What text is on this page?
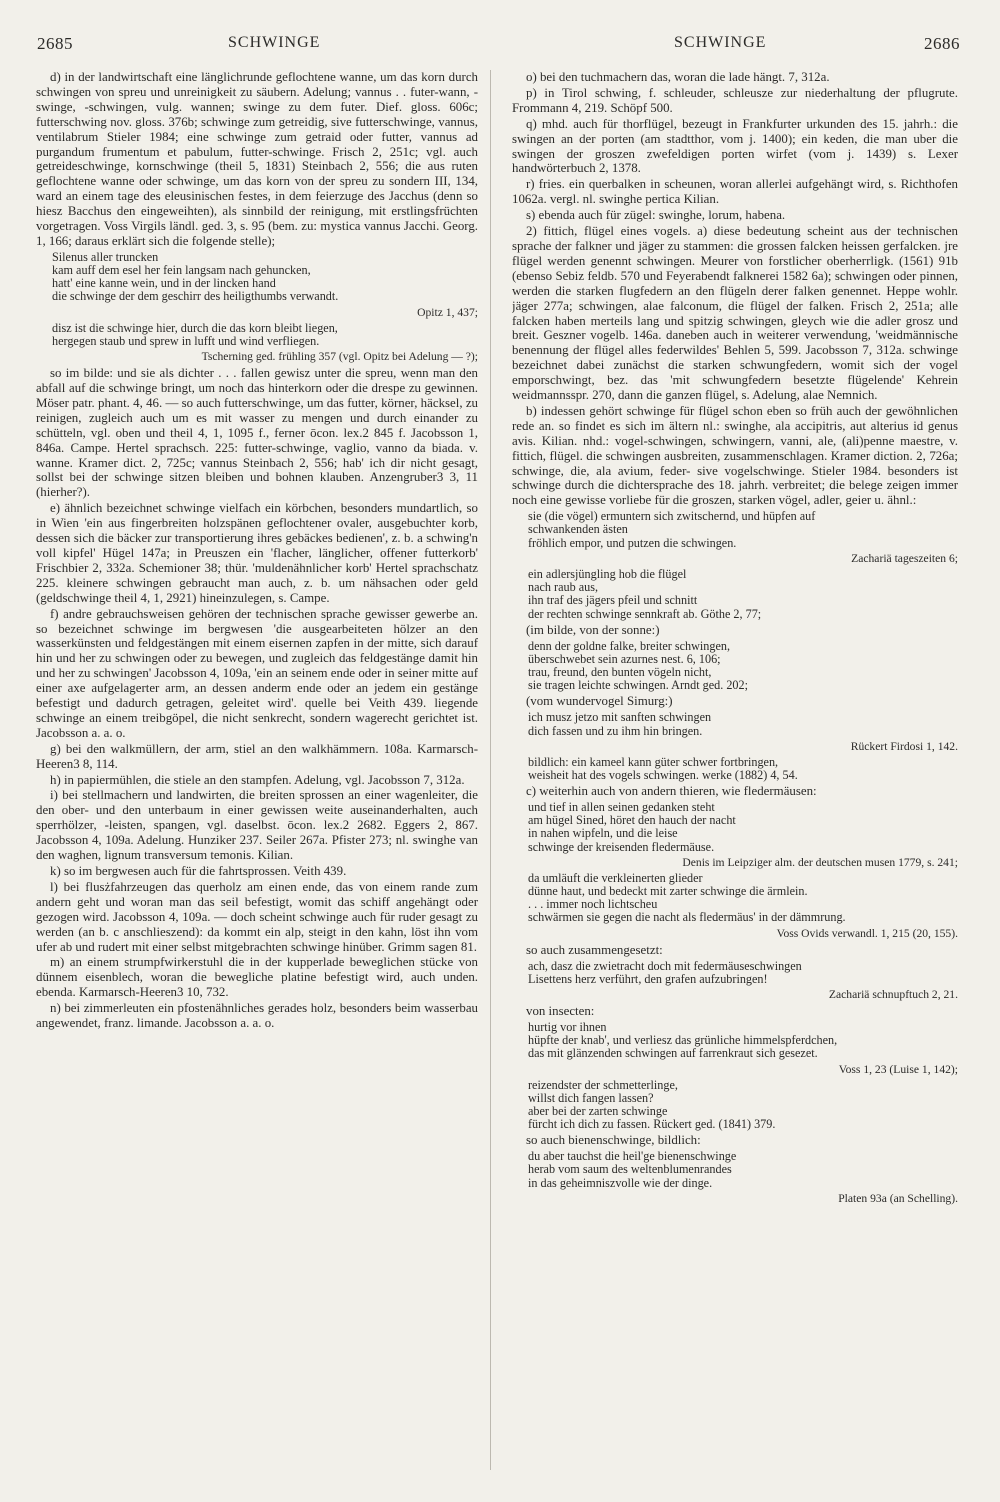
2685	SCHWINGE	SCHWINGE	2686

d) in der landwirtschaft eine länglichrunde geflochtene wanne, um das korn durch schwingen von spreu und unreinigkeit zu säubern. Adelung; vannus . . futer-wann, -swinge, -schwingen, vulg. wannen; swinge zu dem futer. Dief. gloss. 606c; futterschwing nov. gloss. 376b; schwinge zum getreidig, sive futterschwinge, vannus, ventilabrum Stieler 1984; eine schwinge zum getraid oder futter, vannus ad purgandum frumentum et pabulum, futter-schwinge. Frisch 2, 251c; vgl. auch getreideschwinge, kornschwinge (theil 5, 1831) Steinbach 2, 556; die aus ruten geflochtene wanne oder schwinge, um das korn von der spreu zu sondern III, 134, ward an einem tage des eleusinischen festes, in dem feierzuge des Jacchus (denn so hiesz Bacchus den eingeweihten), als sinnbild der reinigung, mit erstlingsfrüchten vorgetragen. Voss Virgils ländl. ged. 3, s. 95 (bem. zu: mystica vannus Jacchi. Georg. 1, 166; daraus erklärt sich die folgende stelle);

Silenus aller truncken
kam auff dem esel her fein langsam nach gehuncken,
hatt' eine kanne wein, und in der lincken hand
die schwinge der dem geschirr des heiligthumbs verwandt.

Opitz 1, 437;

disz ist die schwinge hier, durch die das korn bleibt liegen,
hergegen staub und sprew in lufft und wind verfliegen.

Tscherning ged. frühling 357 (vgl. Opitz bei Adelung — ?);

so im bilde: und sie als dichter . . . fallen gewisz unter die spreu, wenn man den abfall auf die schwinge bringt, um noch das hinterkorn oder die drespe zu gewinnen. Möser patr. phant. 4, 46. — so auch futterschwinge, um das futter, körner, häcksel, zu reinigen, zugleich auch um es mit wasser zu mengen und durch einander zu schütteln, vgl. oben und theil 4, 1, 1095 f., ferner ōcon. lex.2 845 f. Jacobsson 1, 846a. Campe. Hertel sprachsch. 225: futter-schwinge, vaglio, vanno da biada. v. wanne. Kramer dict. 2, 725c; vannus Steinbach 2, 556; hab' ich dir nicht gesagt, sollst bei der schwinge sitzen bleiben und bohnen klauben. Anzengruber3 3, 11 (hierher?).

e) ähnlich bezeichnet schwinge vielfach ein körbchen, besonders mundartlich, so in Wien 'ein aus fingerbreiten holzspänen geflochtener ovaler, ausgebuchter korb, dessen sich die bäcker zur transportierung ihres gebäckes bedienen', z. b. a schwing'n voll kipfel' Hügel 147a; in Preuszen ein 'flacher, länglicher, offener futterkorb' Frischbier 2, 332a. Schemioner 38; thür. 'muldenähnlicher korb' Hertel sprachschatz 225. kleinere schwingen gebraucht man auch, z. b. um nähsachen oder geld (geldschwinge theil 4, 1, 2921) hineinzulegen, s. Campe.

f) andre gebrauchsweisen gehören der technischen sprache gewisser gewerbe an. so bezeichnet schwinge im bergwesen 'die ausgearbeiteten hölzer an den wasserkünsten und feldgestängen mit einem eisernen zapfen in der mitte, sich darauf hin und her zu schwingen oder zu bewegen, und zugleich das feldgestänge damit hin und her zu schwingen' Jacobsson 4, 109a, 'ein an seinem ende oder in seiner mitte auf einer axe aufgelagerter arm, an dessen anderm ende oder an jedem ein gestänge befestigt und dadurch getragen, geleitet wird'. quelle bei Veith 439. liegende schwinge an einem treibgöpel, die nicht senkrecht, sondern wagerecht gerichtet ist. Jacobsson a. a. o.

g) bei den walkmüllern, der arm, stiel an den walkhämmern. 108a. Karmarsch-Heeren3 8, 114.

h) in papiermühlen, die stiele an den stampfen. Adelung, vgl. Jacobsson 7, 312a.

i) bei stellmachern und landwirten, die breiten sprossen an einer wagenleiter, die den ober- und den unterbaum in einer gewissen weite auseinanderhalten, auch sperrhölzer, -leisten, spangen, vgl. daselbst. ōcon. lex.2 2682. Eggers 2, 867. Jacobsson 4, 109a. Adelung. Hunziker 237. Seiler 267a. Pfister 273; nl. swinghe van den waghen, lignum transversum temonis. Kilian.

k) so im bergwesen auch für die fahrtsprossen. Veith 439.

l) bei flusżfahrzeugen das querholz am einen ende, das von einem rande zum andern geht und woran man das seil befestigt, womit das schiff angehängt oder gezogen wird. Jacobsson 4, 109a. — doch scheint schwinge auch für ruder gesagt zu werden (an b. c anschlieszend): da kommt ein alp, steigt in den kahn, löst ihn vom ufer ab und rudert mit einer selbst mitgebrachten schwinge hinüber. Grimm sagen 81.

m) an einem strumpfwirkerstuhl die in der kupperlade beweglichen stücke von dünnem eisenblech, woran die bewegliche platine befestigt wird, auch unden. ebenda. Karmarsch-Heeren3 10, 732.

n) bei zimmerleuten ein pfostenähnliches gerades holz, besonders beim wasserbau angewendet, franz. limande. Jacobsson a. a. o.

o) bei den tuchmachern das, woran die lade hängt. 7, 312a.

p) in Tirol schwing, f. schleuder, schleusze zur niederhaltung der pflugrute. Frommann 4, 219. Schöpf 500.

q) mhd. auch für thorflügel, bezeugt in Frankfurter urkunden des 15. jahrh.: die swingen an der porten (am stadtthor, vom j. 1400); ein keden, die man uber die swingen der groszen zwefeldigen porten wirfet (vom j. 1439) s. Lexer handwörterbuch 2, 1378.

r) fries. ein querbalken in scheunen, woran allerlei aufgehängt wird, s. Richthofen 1062a. vergl. nl. swinghe pertica Kilian.

s) ebenda auch für zügel: swinghe, lorum, habena.

2) fittich, flügel eines vogels. a) diese bedeutung scheint aus der technischen sprache der falkner und jäger zu stammen: die grossen falcken heissen gerfalcken. jre flügel werden genennt schwingen. Meurer von forstlicher oberherrligk. (1561) 91b (ebenso Sebiz feldb. 570 und Feyerabendt falknerei 1582 6a); schwingen oder pinnen, werden die starken flugfedern an den flügeln derer falken genennet. Heppe wohlr. jäger 277a; schwingen, alae falconum, die flügel der falken. Frisch 2, 251a; alle falcken haben merteils lang und spitzig schwingen, gleych wie die adler grosz und breit. Geszner vogelb. 146a. daneben auch in weiterer verwendung, 'weidmännische benennung der flügel alles federwildes' Behlen 5, 599. Jacobsson 7, 312a. schwinge bezeichnet dabei zunächst die starken schwungfedern, womit sich der vogel emporschwingt, bez. das 'mit schwungfedern besetzte flügelende' Kehrein weidmannsspr. 270, dann die ganzen flügel, s. Adelung, alae Nemnich.

b) indessen gehört schwinge für flügel schon eben so früh auch der gewöhnlichen rede an. so findet es sich im ältern nl.: swinghe, ala accipitris, aut alterius id genus avis. Kilian. nhd.: vogel-schwingen, schwingern, vanni, ale, (ali)penne maestre, v. fittich, flügel. die schwingen ausbreiten, zusammenschlagen. Kramer diction. 2, 726a; schwinge, die, ala avium, feder- sive vogelschwinge. Stieler 1984. besonders ist schwinge durch die dichtersprache des 18. jahrh. verbreitet; die belege zeigen immer noch eine gewisse vorliebe für die groszen, starken vögel, adler, geier u. ähnl.:

sie (die vögel) ermuntern sich zwitschernd, und hüpfen auf
schwankenden ästen
fröhlich empor, und putzen die schwingen.

Zachariä tageszeiten 6;

ein adlersjüngling hob die flügel
nach raub aus,
ihn traf des jägers pfeil und schnitt
der rechten schwinge sennkraft ab. Göthe 2, 77;

(im bilde, von der sonne:)

denn der goldne falke, breiter schwingen,
überschwebet sein azurnes nest. 6, 106;
trau, freund, den bunten vögeln nicht,
sie tragen leichte schwingen. Arndt ged. 202;

(vom wundervogel Simurg:)

ich musz jetzo mit sanften schwingen
dich fassen und zu ihm hin bringen.

Rückert Firdosi 1, 142.

bildlich: ein kameel kann güter schwer fortbringen,
weisheit hat des vogels schwingen. werke (1882) 4, 54.

c) weiterhin auch von andern thieren, wie fledermäusen:

und tief in allen seinen gedanken steht
am hügel Sined, höret den hauch der nacht
in nahen wipfeln, und die leise
schwinge der kreisenden fledermäuse.

Denis im Leipziger alm. der deutschen musen 1779, s. 241;

da umläuft die verkleinerten glieder
dünne haut, und bedeckt mit zarter schwinge die ärmlein.
. . . immer noch lichtscheu
schwärmen sie gegen die nacht als fledermäus' in der dämmrung.

Voss Ovids verwandl. 1, 215 (20, 155).

so auch zusammengesetzt:

ach, dasz die zwietracht doch mit federmäuseschwingen
Lisettens herz verführt, den grafen aufzubringen!

Zachariä schnupftuch 2, 21.

von insecten:

hurtig vor ihnen
hüpfte der knab', und verliesz das grünliche himmelspferdchen,
das mit glänzenden schwingen auf farrenkraut sich gesezet.

Voss 1, 23 (Luise 1, 142);

reizendster der schmetterlinge,
willst dich fangen lassen?
aber bei der zarten schwinge
fürcht ich dich zu fassen. Rückert ged. (1841) 379.

so auch bienenschwinge, bildlich:

du aber tauchst die heil'ge bienenschwinge
herab vom saum des weltenblumenrandes
in das geheimniszvolle wie der dinge.

Platen 93a (an Schelling).
